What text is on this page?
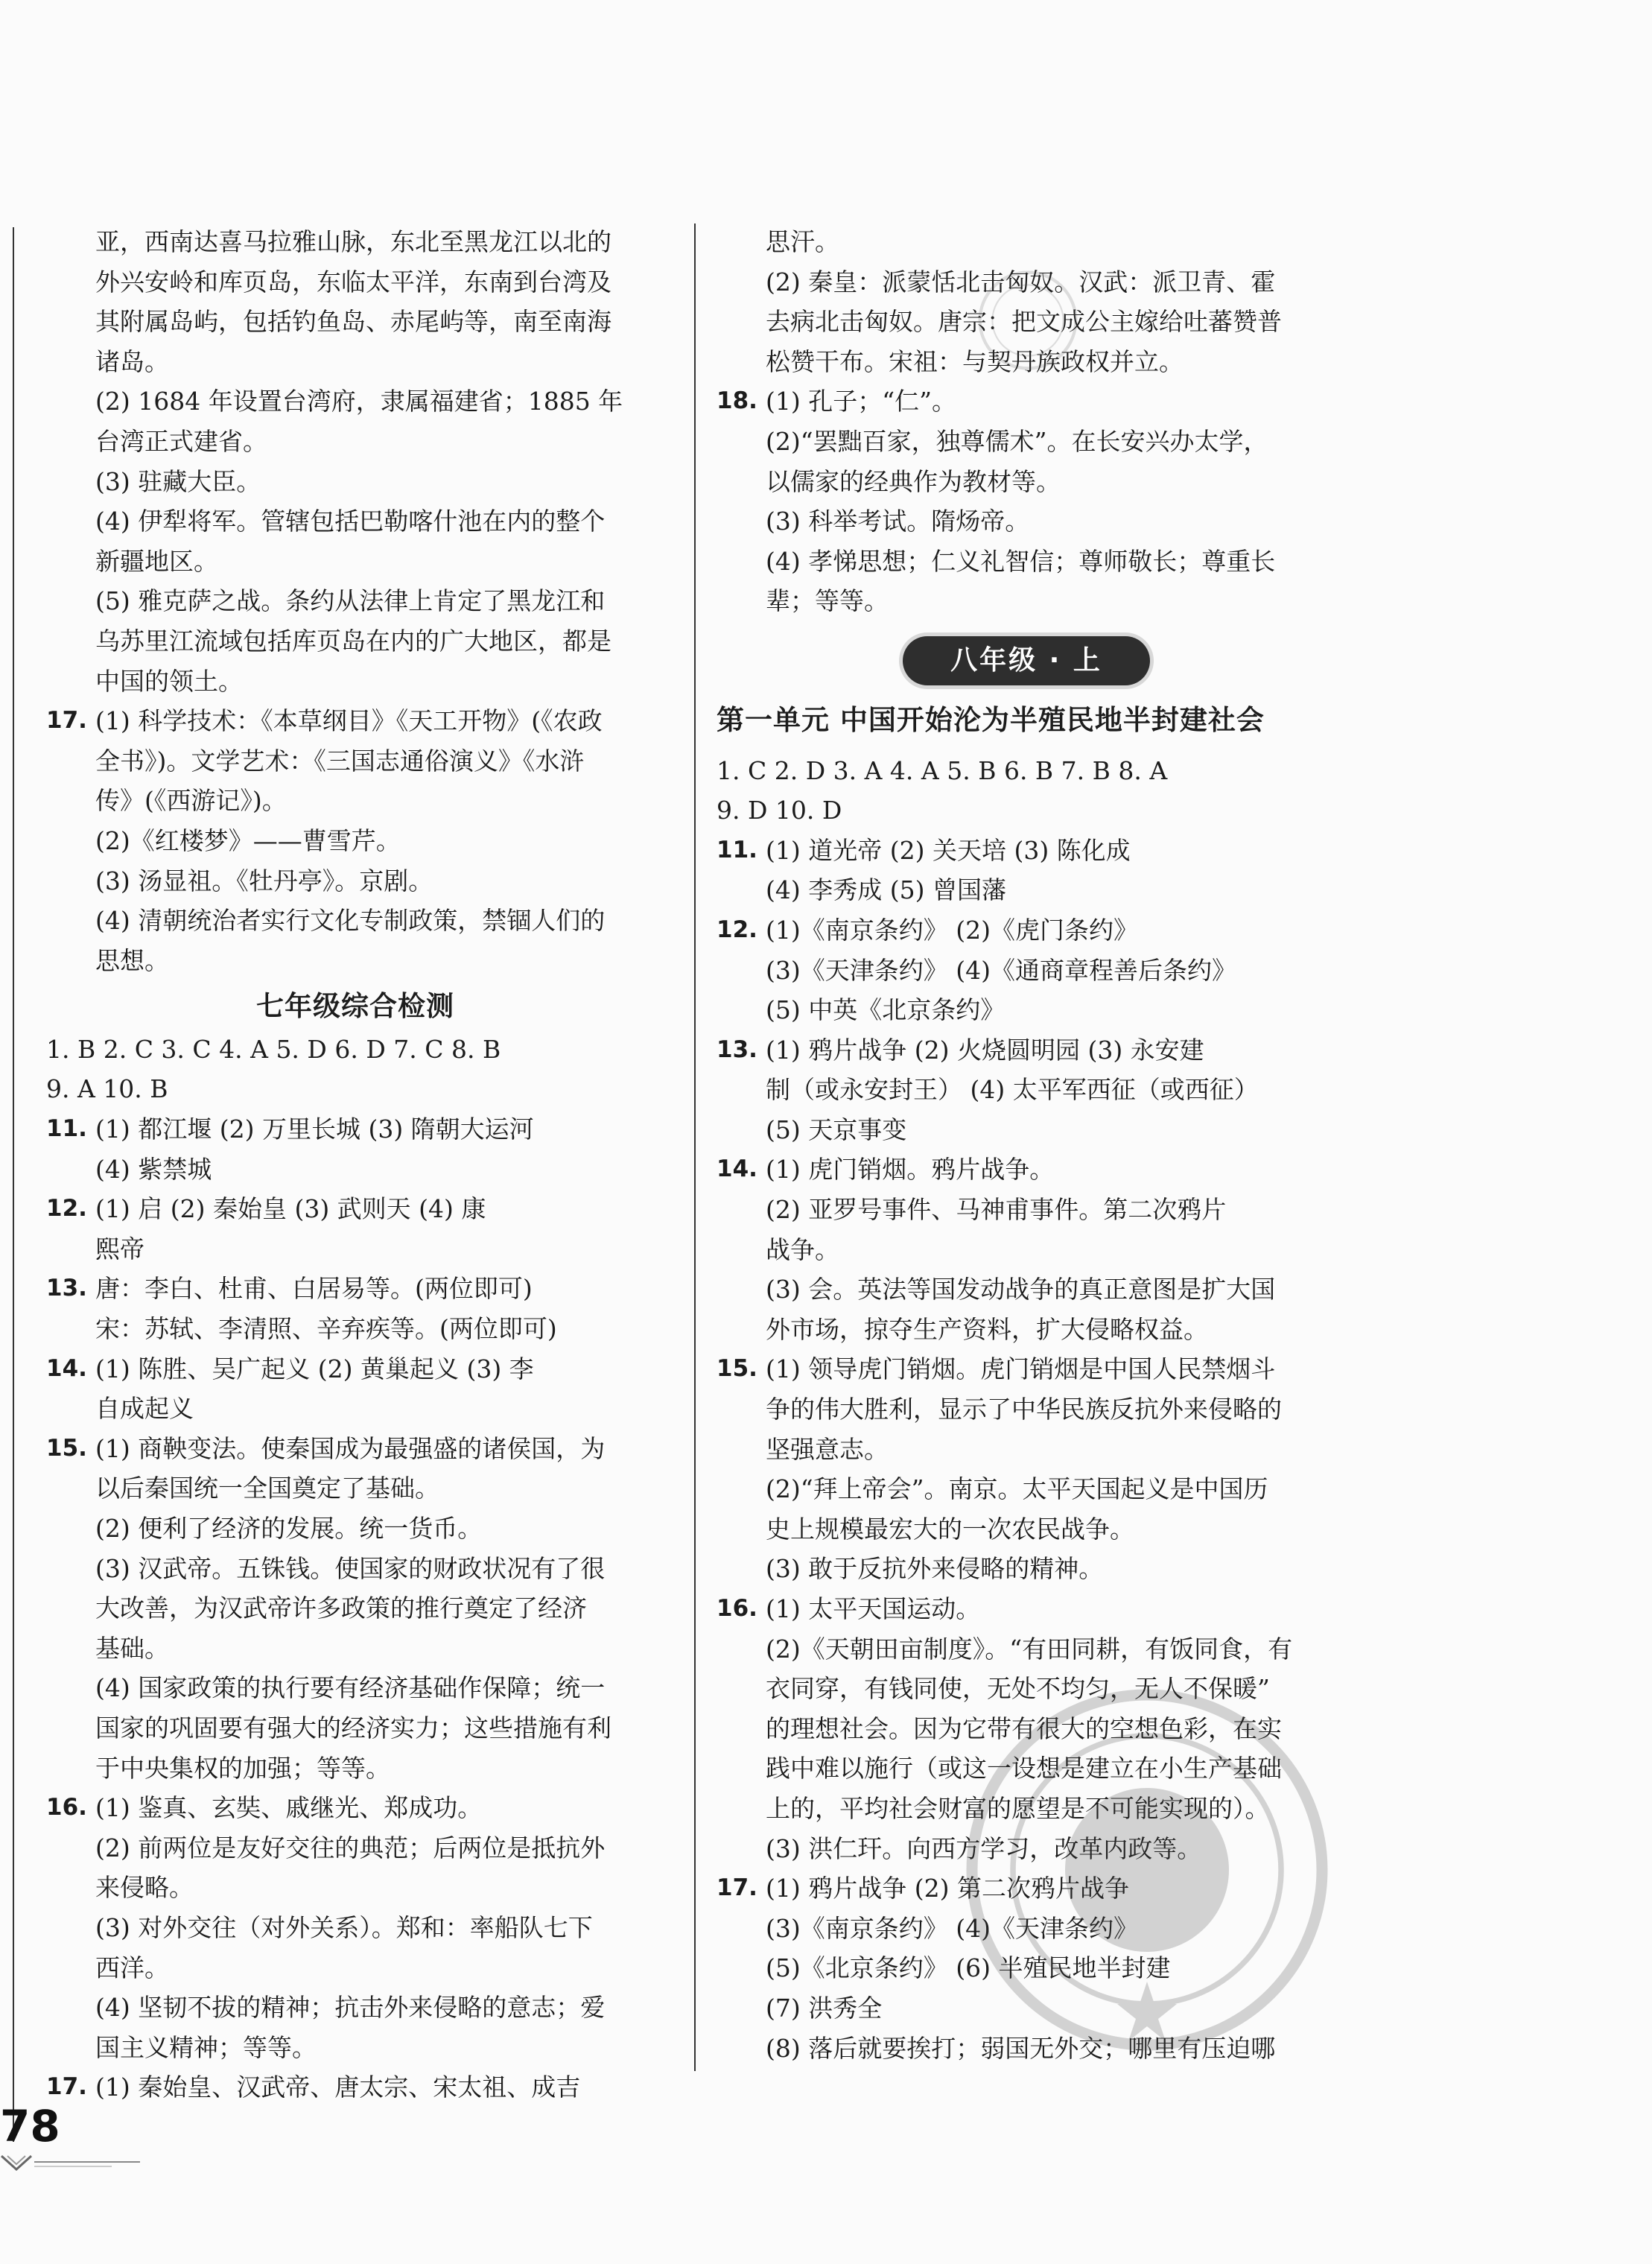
亚，西南达喜马拉雅山脉，东北至黑龙江以北的
外兴安岭和库页岛，东临太平洋，东南到台湾及
其附属岛屿，包括钓鱼岛、赤尾屿等，南至南海
诸岛。
(2) 1684 年设置台湾府，隶属福建省；1885 年
台湾正式建省。
(3) 驻藏大臣。
(4) 伊犁将军。管辖包括巴勒喀什池在内的整个
新疆地区。
(5) 雅克萨之战。条约从法律上肯定了黑龙江和
乌苏里江流域包括库页岛在内的广大地区，都是
中国的领土。
17. (1) 科学技术：《本草纲目》《天工开物》(《农政
全书》)。文学艺术：《三国志通俗演义》《水浒
传》(《西游记》)。
(2)《红楼梦》——曹雪芹。
(3) 汤显祖。《牡丹亭》。京剧。
(4) 清朝统治者实行文化专制政策，禁锢人们的
思想。
七年级综合检测
1. B 2. C 3. C 4. A 5. D 6. D 7. C 8. B
9. A 10. B
11. (1) 都江堰 (2) 万里长城 (3) 隋朝大运河
(4) 紫禁城
12. (1) 启 (2) 秦始皇 (3) 武则天 (4) 康
熙帝
13. 唐：李白、杜甫、白居易等。(两位即可)
宋：苏轼、李清照、辛弃疾等。(两位即可)
14. (1) 陈胜、吴广起义 (2) 黄巢起义 (3) 李
自成起义
15. (1) 商鞅变法。使秦国成为最强盛的诸侯国，为
以后秦国统一全国奠定了基础。
(2) 便利了经济的发展。统一货币。
(3) 汉武帝。五铢钱。使国家的财政状况有了很
大改善，为汉武帝许多政策的推行奠定了经济
基础。
(4) 国家政策的执行要有经济基础作保障；统一
国家的巩固要有强大的经济实力；这些措施有利
于中央集权的加强；等等。
16. (1) 鉴真、玄奘、戚继光、郑成功。
(2) 前两位是友好交往的典范；后两位是抵抗外
来侵略。
(3) 对外交往（对外关系）。郑和：率船队七下
西洋。
(4) 坚韧不拔的精神；抗击外来侵略的意志；爱
国主义精神；等等。
17. (1) 秦始皇、汉武帝、唐太宗、宋太祖、成吉
思汗。
(2) 秦皇：派蒙恬北击匈奴。汉武：派卫青、霍
去病北击匈奴。唐宗：把文成公主嫁给吐蕃赞普
松赞干布。宋祖：与契丹族政权并立。
18. (1) 孔子；“仁”。
(2)“罢黜百家，独尊儒术”。在长安兴办太学，
以儒家的经典作为教材等。
(3) 科举考试。隋炀帝。
(4) 孝悌思想；仁义礼智信；尊师敬长；尊重长
辈；等等。
八年级 · 上
第一单元 中国开始沦为半殖民地半封建社会
1. C 2. D 3. A 4. A 5. B 6. B 7. B 8. A
9. D 10. D
11. (1) 道光帝 (2) 关天培 (3) 陈化成
(4) 李秀成 (5) 曾国藩
12. (1)《南京条约》 (2)《虎门条约》
(3)《天津条约》 (4)《通商章程善后条约》
(5) 中英《北京条约》
13. (1) 鸦片战争 (2) 火烧圆明园 (3) 永安建
制（或永安封王） (4) 太平军西征（或西征）
(5) 天京事变
14. (1) 虎门销烟。鸦片战争。
(2) 亚罗号事件、马神甫事件。第二次鸦片
战争。
(3) 会。英法等国发动战争的真正意图是扩大国
外市场，掠夺生产资料，扩大侵略权益。
15. (1) 领导虎门销烟。虎门销烟是中国人民禁烟斗
争的伟大胜利，显示了中华民族反抗外来侵略的
坚强意志。
(2)“拜上帝会”。南京。太平天国起义是中国历
史上规模最宏大的一次农民战争。
(3) 敢于反抗外来侵略的精神。
16. (1) 太平天国运动。
(2)《天朝田亩制度》。“有田同耕，有饭同食，有
衣同穿，有钱同使，无处不均匀，无人不保暖”
的理想社会。因为它带有很大的空想色彩，在实
践中难以施行（或这一设想是建立在小生产基础
上的，平均社会财富的愿望是不可能实现的）。
(3) 洪仁玕。向西方学习，改革内政等。
17. (1) 鸦片战争 (2) 第二次鸦片战争
(3)《南京条约》 (4)《天津条约》
(5)《北京条约》 (6) 半殖民地半封建
(7) 洪秀全
(8) 落后就要挨打；弱国无外交；哪里有压迫哪
78
